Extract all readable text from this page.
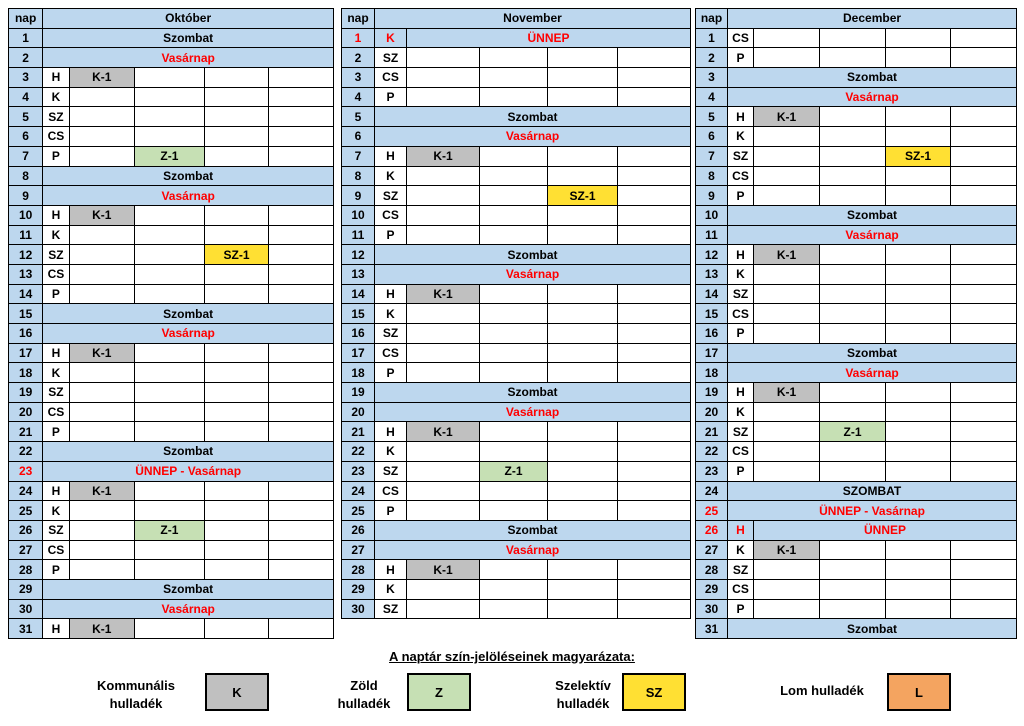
nap	Október				
1	Szombat				
2	Vasárnap				
3	H	K-1			
4	K				
5	SZ				
6	CS				
7	P		Z-1		
8	Szombat				
9	Vasárnap				
10	H	K-1			
11	K				
12	SZ			SZ-1	
13	CS				
14	P				
15	Szombat				
16	Vasárnap				
17	H	K-1			
18	K				
19	SZ				
20	CS				
21	P				
22	Szombat				
23	ÜNNEP - Vasárnap				
24	H	K-1			
25	K				
26	SZ		Z-1		
27	CS				
28	P				
29	Szombat				
30	Vasárnap				
31	H	K-1			
nap	November				
1	K	ÜNNEP			
2	SZ				
3	CS				
4	P				
5	Szombat				
6	Vasárnap				
7	H	K-1			
8	K				
9	SZ			SZ-1	
10	CS				
11	P				
12	Szombat				
13	Vasárnap				
14	H	K-1			
15	K				
16	SZ				
17	CS				
18	P				
19	Szombat				
20	Vasárnap				
21	H	K-1			
22	K				
23	SZ		Z-1		
24	CS				
25	P				
26	Szombat				
27	Vasárnap				
28	H	K-1			
29	K				
30	SZ				
nap	December				
1	CS				
2	P				
3	Szombat				
4	Vasárnap				
5	H	K-1			
6	K				
7	SZ			SZ-1	
8	CS				
9	P				
10	Szombat				
11	Vasárnap				
12	H	K-1			
13	K				
14	SZ				
15	CS				
16	P				
17	Szombat				
18	Vasárnap				
19	H	K-1			
20	K				
21	SZ		Z-1		
22	CS				
23	P				
24	SZOMBAT				
25	ÜNNEP - Vasárnap				
26	H	ÜNNEP			
27	K	K-1			
28	SZ				
29	CS				
30	P				
31	Szombat				
A naptár szín-jelöléseinek magyarázata:
Kommunális hulladék
K	Zöld hulladék
Z	Szelektív hulladék
SZ	Lom hulladék	L
